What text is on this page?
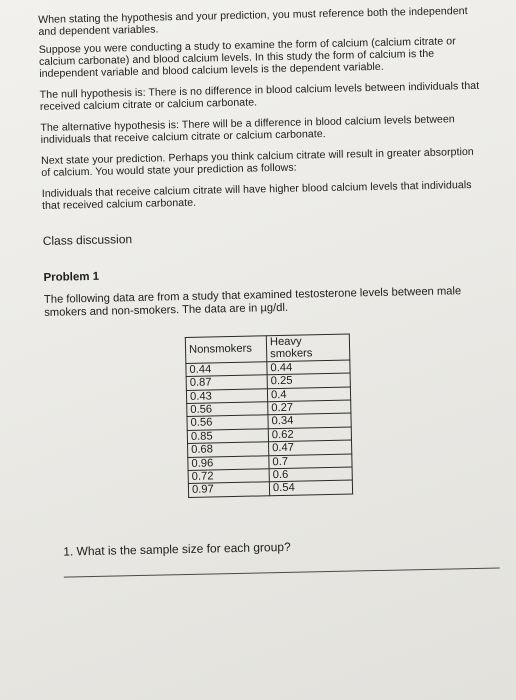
When stating the hypothesis and your prediction, you must reference both the independent and dependent variables.

Suppose you were conducting a study to examine the form of calcium (calcium citrate or calcium carbonate) and blood calcium levels. In this study the form of calcium is the independent variable and blood calcium levels is the dependent variable.

The null hypothesis is: There is no difference in blood calcium levels between individuals that received calcium citrate or calcium carbonate.

The alternative hypothesis is: There will be a difference in blood calcium levels between individuals that receive calcium citrate or calcium carbonate.

Next state your prediction. Perhaps you think calcium citrate will result in greater absorption of calcium. You would state your prediction as follows:

Individuals that receive calcium citrate will have higher blood calcium levels that individuals that received calcium carbonate.

Class discussion
Problem 1
The following data are from a study that examined testosterone levels between male smokers and non-smokers. The data are in µg/dl.
Nonsmokers	Heavy smokers
0.44	0.44
0.87	0.25
0.43	0.4
0.56	0.27
0.56	0.34
0.85	0.62
0.68	0.47
0.96	0.7
0.72	0.6
0.97	0.54
1. What is the sample size for each group?
